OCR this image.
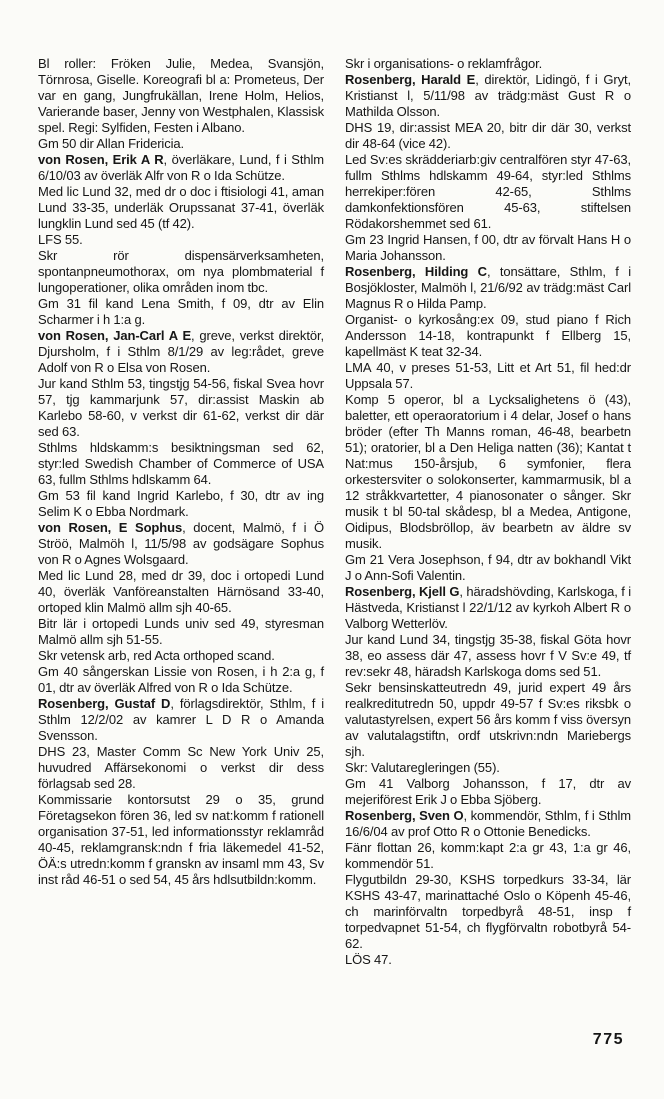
Bl roller: Fröken Julie, Medea, Svansjön, Törnrosa, Giselle. Koreografi bl a: Prometeus, Der var en gang, Jungfrukällan, Irene Holm, Helios, Varierande baser, Jenny von Westphalen, Klassisk spel. Regi: Sylfiden, Festen i Albano.

Gm 50 dir Allan Fridericia.

von Rosen, Erik A R, överläkare, Lund, f i Sthlm 6/10/03 av överläk Alfr von R o Ida Schütze.

Med lic Lund 32, med dr o doc i ftisiologi 41, aman Lund 33-35, underläk Orupssanat 37-41, överläk lungklin Lund sed 45 (tf 42).

LFS 55.

Skr rör dispensärverksamheten, spontanpneumothorax, om nya plombmaterial f lungoperationer, olika områden inom tbc.

Gm 31 fil kand Lena Smith, f 09, dtr av Elin Scharmer i h 1:a g.

von Rosen, Jan-Carl A E, greve, verkst direktör, Djursholm, f i Sthlm 8/1/29 av leg:rådet, greve Adolf von R o Elsa von Rosen.

Jur kand Sthlm 53, tingstjg 54-56, fiskal Svea hovr 57, tjg kammarjunk 57, dir:assist Maskin ab Karlebo 58-60, v verkst dir 61-62, verkst dir där sed 63.

Sthlms hldskamm:s besiktningsman sed 62, styr:led Swedish Chamber of Commerce of USA 63, fullm Sthlms hdlskamm 64.

Gm 53 fil kand Ingrid Karlebo, f 30, dtr av ing Selim K o Ebba Nordmark.

von Rosen, E Sophus, docent, Malmö, f i Ö Ströö, Malmöh l, 11/5/98 av godsägare Sophus von R o Agnes Wolsgaard.

Med lic Lund 28, med dr 39, doc i ortopedi Lund 40, överläk Vanföreanstalten Härnösand 33-40, ortoped klin Malmö allm sjh 40-65.

Bitr lär i ortopedi Lunds univ sed 49, styresman Malmö allm sjh 51-55.

Skr vetensk arb, red Acta orthoped scand.

Gm 40 sångerskan Lissie von Rosen, i h 2:a g, f 01, dtr av överläk Alfred von R o Ida Schütze.

Rosenberg, Gustaf D, förlagsdirektör, Sthlm, f i Sthlm 12/2/02 av kamrer L D R o Amanda Svensson.

DHS 23, Master Comm Sc New York Univ 25, huvudred Affärsekonomi o verkst dir dess förlagsab sed 28.

Kommissarie kontorsutst 29 o 35, grund Företagsekon fören 36, led sv nat:komm f rationell organisation 37-51, led informationsstyr reklamråd 40-45, reklamgransk:ndn f fria läkemedel 41-52, ÖÄ:s utredn:komm f granskn av insaml mm 43, Sv inst råd 46-51 o sed 54, 45 års hdlsutbildn:komm.

Skr i organisations- o reklamfrågor.

Rosenberg, Harald E, direktör, Lidingö, f i Gryt, Kristianst l, 5/11/98 av trädg:mäst Gust R o Mathilda Olsson.

DHS 19, dir:assist MEA 20, bitr dir där 30, verkst dir 48-64 (vice 42).

Led Sv:es skrädderiarb:giv centralfören styr 47-63, fullm Sthlms hdlskamm 49-64, styr:led Sthlms herrekiper:fören 42-65, Sthlms damkonfektionsfören 45-63, stiftelsen Rödakorshemmet sed 61.

Gm 23 Ingrid Hansen, f 00, dtr av förvalt Hans H o Maria Johansson.

Rosenberg, Hilding C, tonsättare, Sthlm, f i Bosjökloster, Malmöh l, 21/6/92 av trädg:mäst Carl Magnus R o Hilda Pamp.

Organist- o kyrkosång:ex 09, stud piano f Rich Andersson 14-18, kontrapunkt f Ellberg 15, kapellmäst K teat 32-34.

LMA 40, v preses 51-53, Litt et Art 51, fil hed:dr Uppsala 57.

Komp 5 operor, bl a Lycksalighetens ö (43), baletter, ett operaoratorium i 4 delar, Josef o hans bröder (efter Th Manns roman, 46-48, bearbetn 51); oratorier, bl a Den Heliga natten (36); Kantat t Nat:mus 150-årsjub, 6 symfonier, flera orkestersviter o solokonserter, kammarmusik, bl a 12 stråkkvartetter, 4 pianosonater o sånger. Skr musik t bl 50-tal skådesp, bl a Medea, Antigone, Oidipus, Blodsbröllop, äv bearbetn av äldre sv musik.

Gm 21 Vera Josephson, f 94, dtr av bokhandl Vikt J o Ann-Sofi Valentin.

Rosenberg, Kjell G, häradshövding, Karlskoga, f i Hästveda, Kristianst l 22/1/12 av kyrkoh Albert R o Valborg Wetterlöv.

Jur kand Lund 34, tingstjg 35-38, fiskal Göta hovr 38, eo assess där 47, assess hovr f V Sv:e 49, tf rev:sekr 48, häradsh Karlskoga doms sed 51.

Sekr bensinskatteutredn 49, jurid expert 49 års realkreditutredn 50, uppdr 49-57 f Sv:es riksbk o valutastyrelsen, expert 56 års komm f viss översyn av valutalagstiftn, ordf utskrivn:ndn Mariebergs sjh.

Skr: Valutaregleringen (55).

Gm 41 Valborg Johansson, f 17, dtr av mejeriförest Erik J o Ebba Sjöberg.

Rosenberg, Sven O, kommendör, Sthlm, f i Sthlm 16/6/04 av prof Otto R o Ottonie Benedicks.

Fänr flottan 26, komm:kapt 2:a gr 43, 1:a gr 46, kommendör 51.

Flygutbildn 29-30, KSHS torpedkurs 33-34, lär KSHS 43-47, marinattaché Oslo o Köpenh 45-46, ch marinförvaltn torpedbyrå 48-51, insp f torpedvapnet 51-54, ch flygförvaltn robotbyrå 54-62.

LÖS 47.

775
